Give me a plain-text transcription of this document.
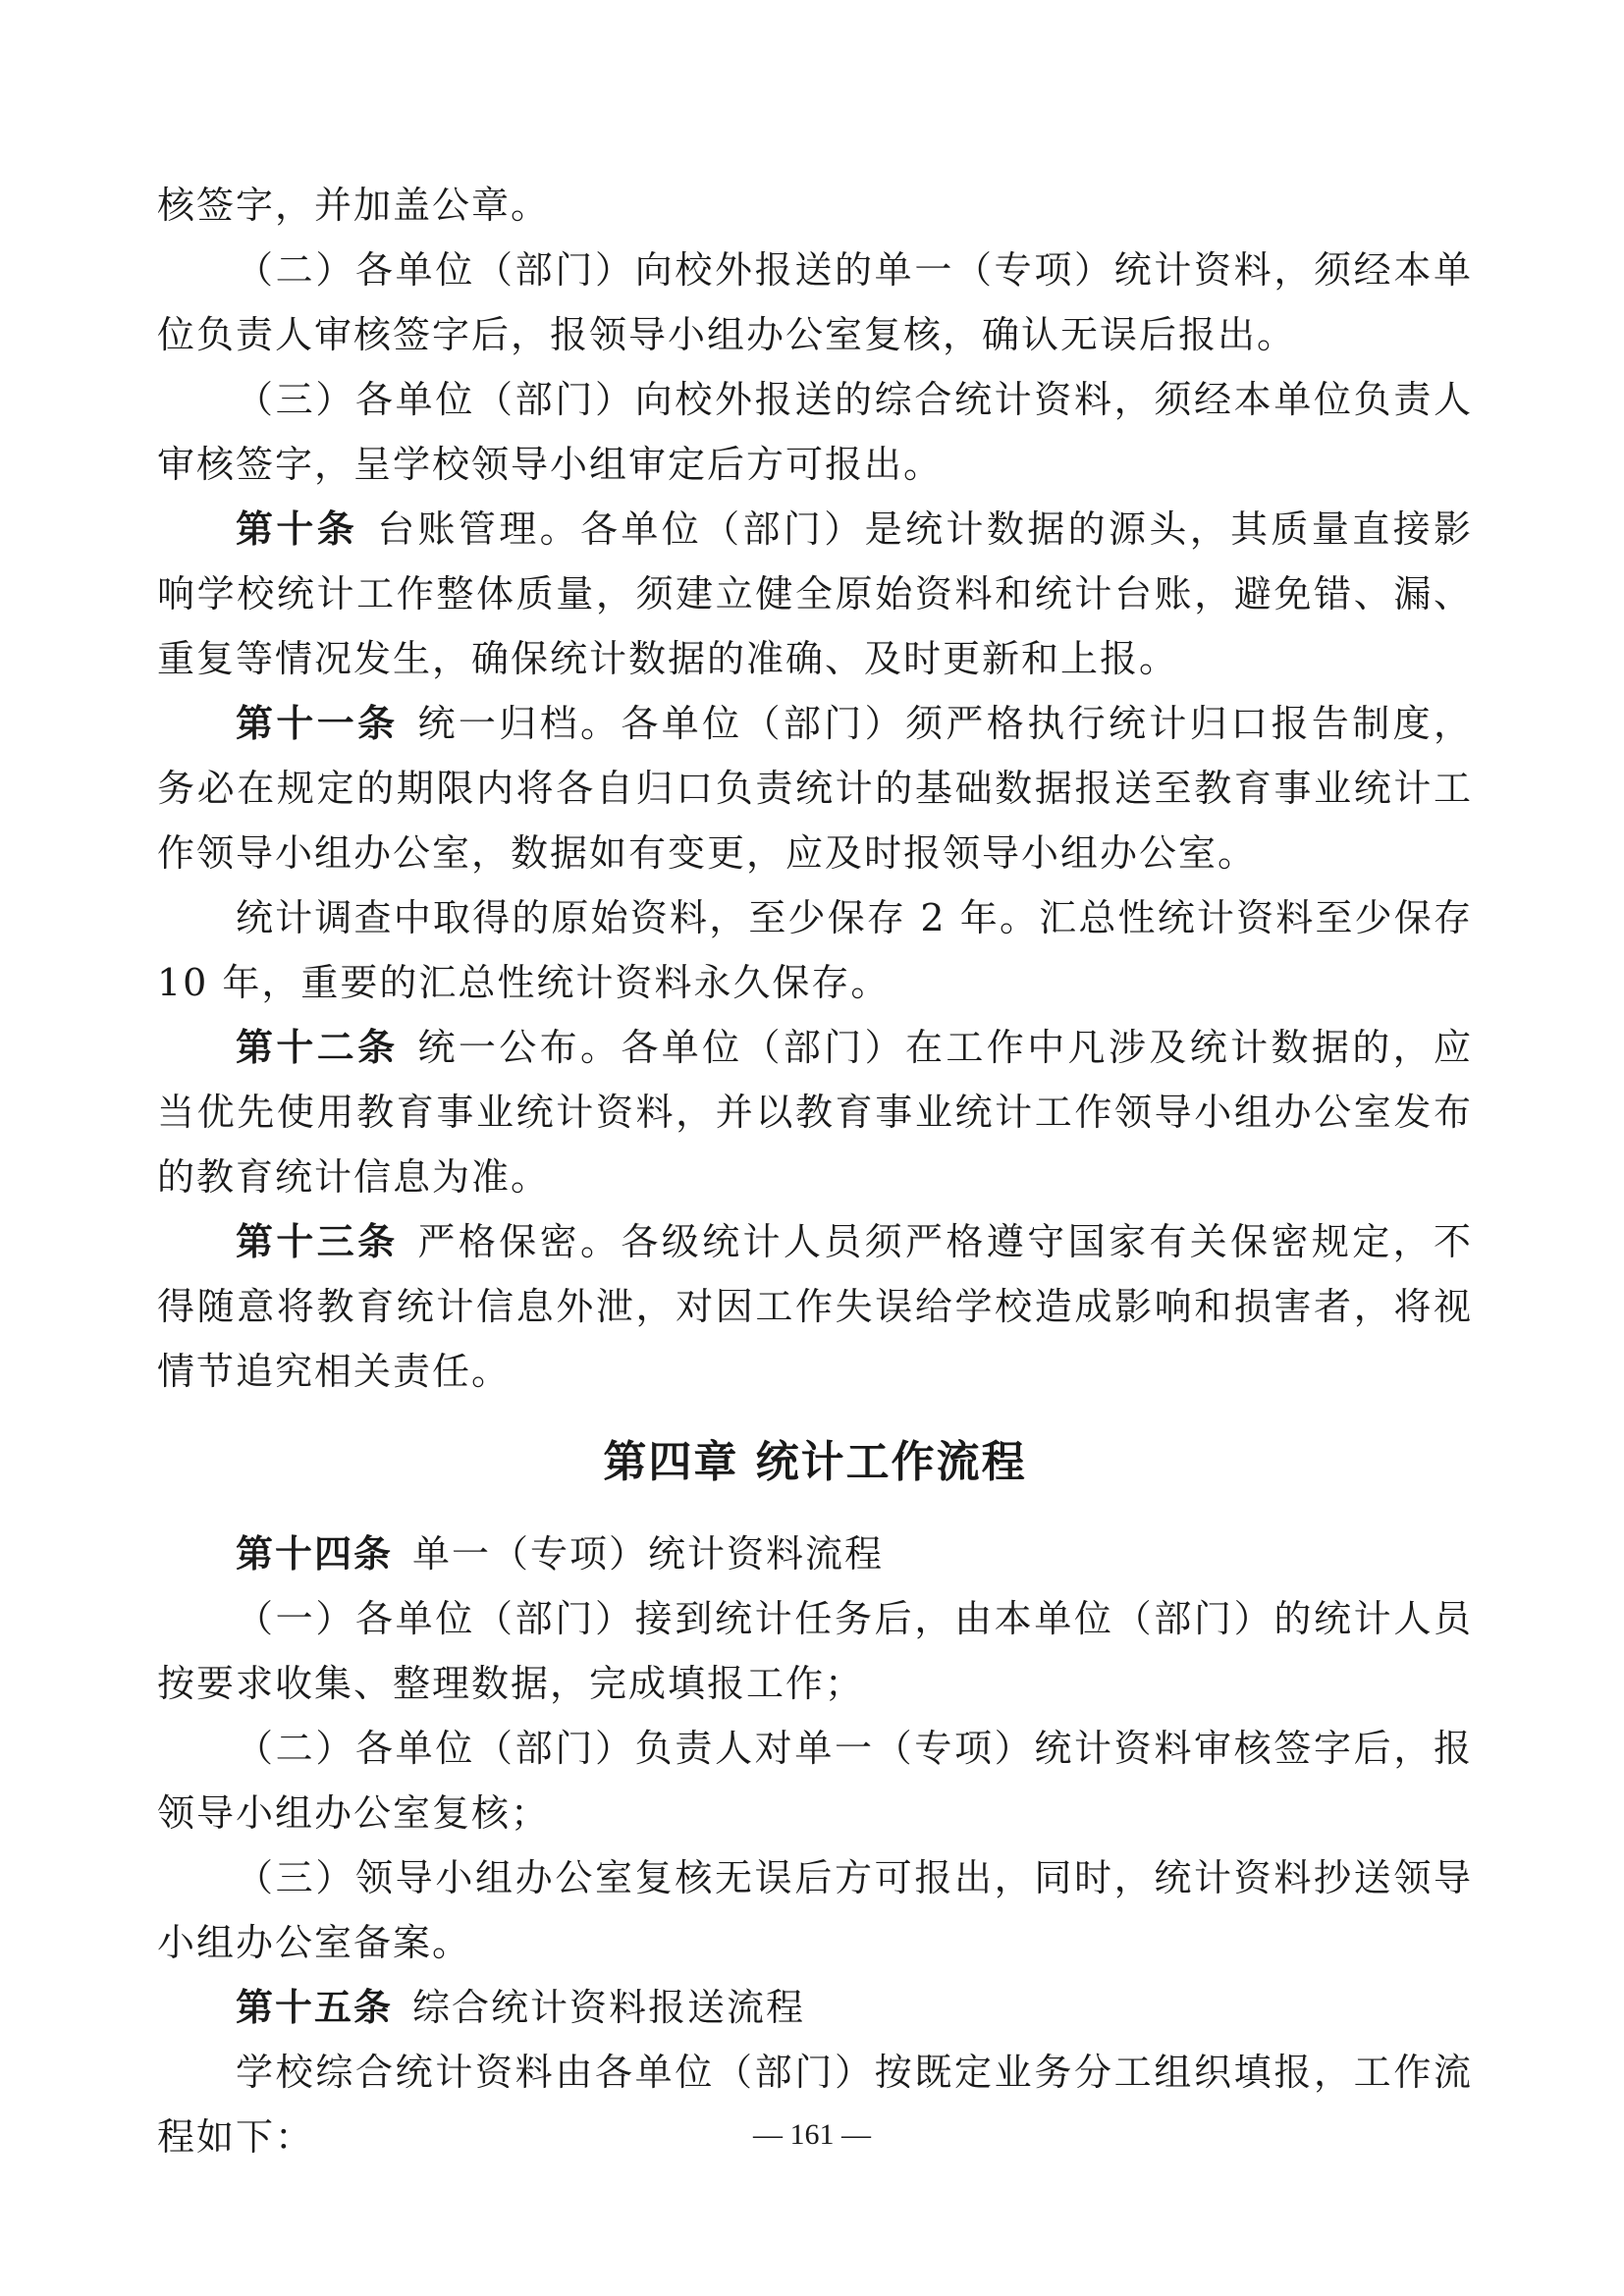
核签字，并加盖公章。

（二）各单位（部门）向校外报送的单一（专项）统计资料，须经本单位负责人审核签字后，报领导小组办公室复核，确认无误后报出。

（三）各单位（部门）向校外报送的综合统计资料，须经本单位负责人审核签字，呈学校领导小组审定后方可报出。

第十条 台账管理。各单位（部门）是统计数据的源头，其质量直接影响学校统计工作整体质量，须建立健全原始资料和统计台账，避免错、漏、重复等情况发生，确保统计数据的准确、及时更新和上报。

第十一条 统一归档。各单位（部门）须严格执行统计归口报告制度，务必在规定的期限内将各自归口负责统计的基础数据报送至教育事业统计工作领导小组办公室，数据如有变更，应及时报领导小组办公室。

统计调查中取得的原始资料，至少保存 2 年。汇总性统计资料至少保存 10 年，重要的汇总性统计资料永久保存。

第十二条 统一公布。各单位（部门）在工作中凡涉及统计数据的，应当优先使用教育事业统计资料，并以教育事业统计工作领导小组办公室发布的教育统计信息为准。

第十三条 严格保密。各级统计人员须严格遵守国家有关保密规定，不得随意将教育统计信息外泄，对因工作失误给学校造成影响和损害者，将视情节追究相关责任。

第四章 统计工作流程

第十四条 单一（专项）统计资料流程

（一）各单位（部门）接到统计任务后，由本单位（部门）的统计人员按要求收集、整理数据，完成填报工作；

（二）各单位（部门）负责人对单一（专项）统计资料审核签字后，报领导小组办公室复核；

（三）领导小组办公室复核无误后方可报出，同时，统计资料抄送领导小组办公室备案。

第十五条 综合统计资料报送流程

学校综合统计资料由各单位（部门）按既定业务分工组织填报，工作流程如下：	— 161 —
